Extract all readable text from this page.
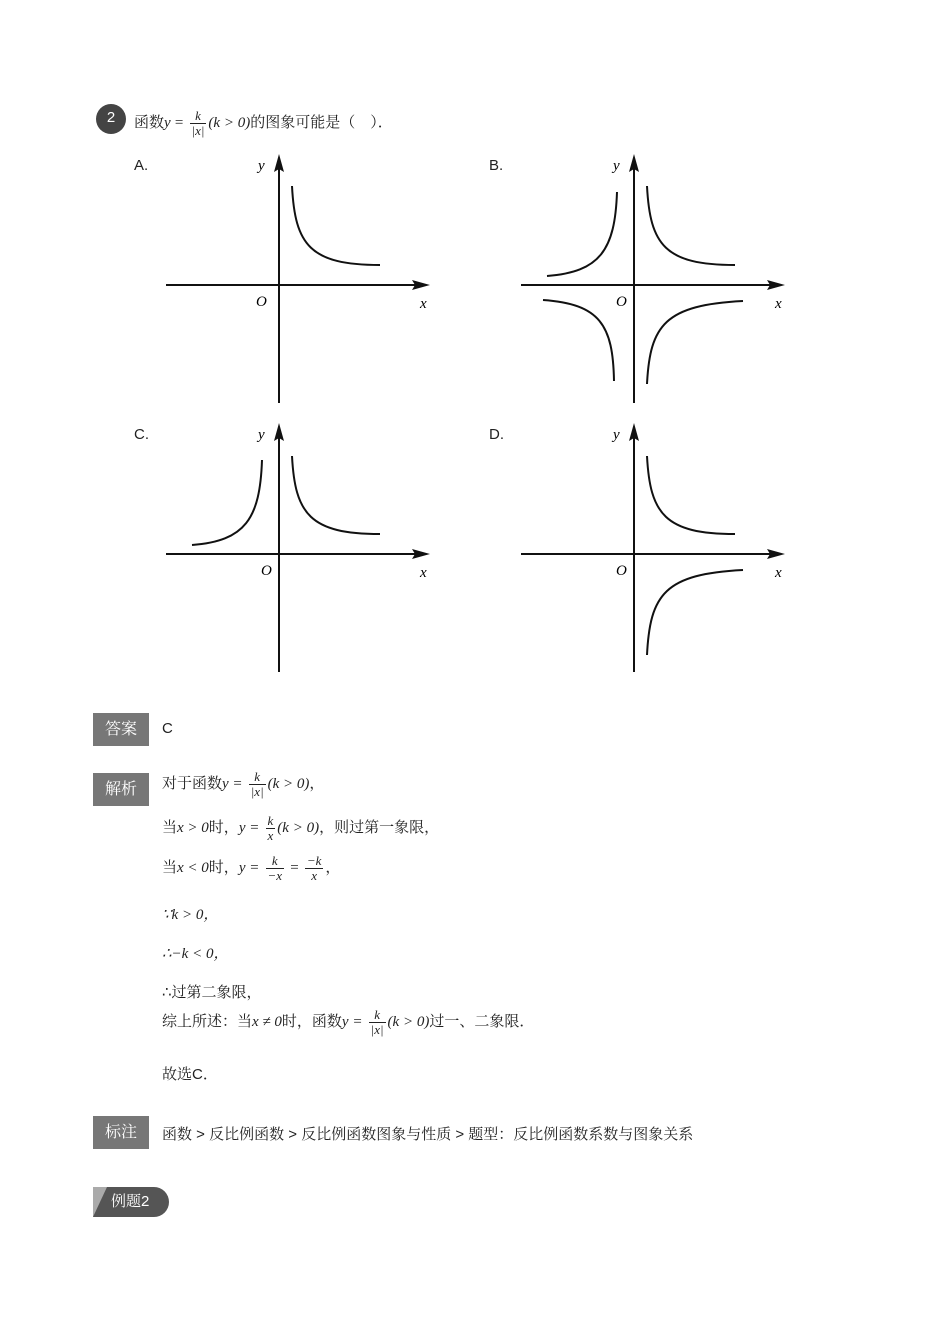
2	函数$y = \frac{k}{|x|} (k > 0)$的图象可能是（　）．
A.	B.
C.	D.
y
O	x
y
O	x
y
O	x
y
O	x
答案	C
解析	对于函数$y = \frac{k}{|x|} (k > 0)$，
当x > 0时，$y = \frac{k}{x} (k > 0)$，则过第一象限，
当x < 0时，$y = \frac{k}{-x} = \frac{-k}{x}$ ，
∵k > 0，
∴−k < 0，
∴过第二象限，
综上所述：当x ≠ 0时，函数$y = \frac{k}{|x|} (k > 0)$过一、二象限．
故选C．
标注	函数 > 反比例函数 > 反比例函数图象与性质 > 题型：反比例函数系数与图象关系
例题2
